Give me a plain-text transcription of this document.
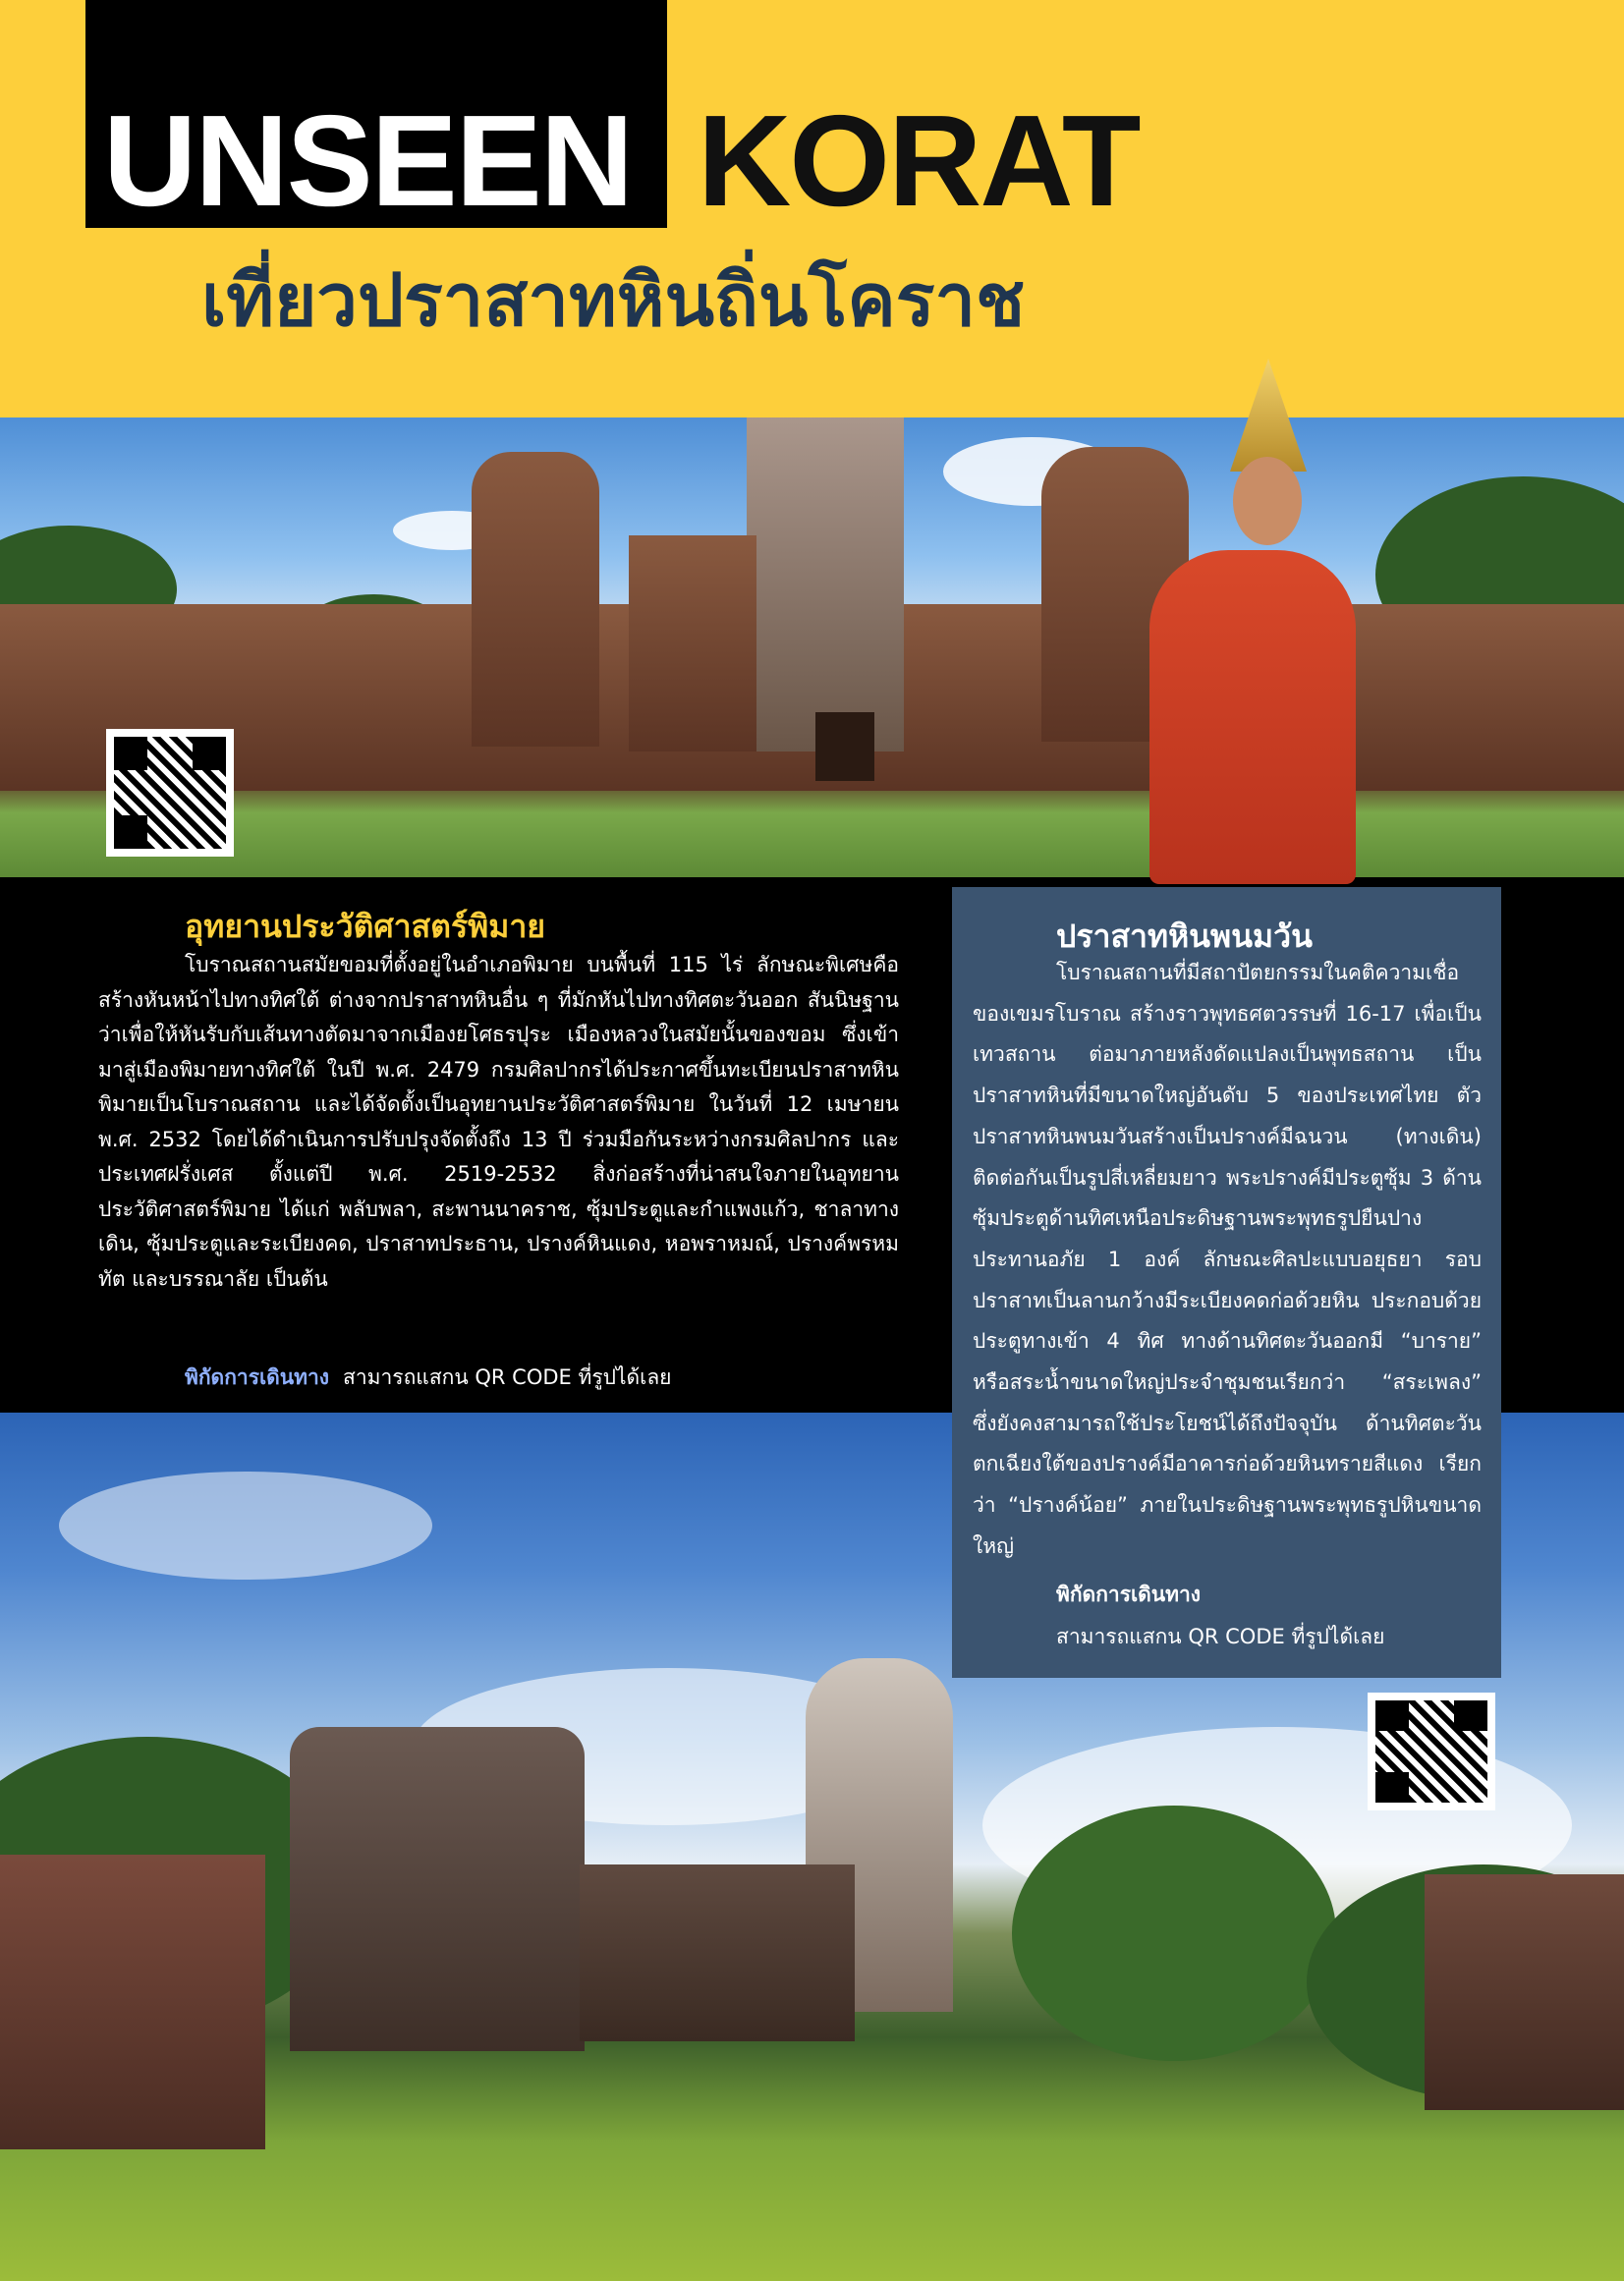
UNSEEN KORAT
เที่ยวปราสาทหินถิ่นโคราช
อุทยานประวัติศาสตร์พิมาย

โบราณสถานสมัยขอมที่ตั้งอยู่ในอำเภอพิมาย บนพื้นที่ 115 ไร่ ลักษณะพิเศษคือสร้างหันหน้าไปทางทิศใต้ ต่างจากปราสาทหินอื่น ๆ ที่มักหันไปทางทิศตะวันออก สันนิษฐานว่าเพื่อให้หันรับกับเส้นทางตัดมาจากเมืองยโศธรปุระ เมืองหลวงในสมัยนั้นของขอม ซึ่งเข้ามาสู่เมืองพิมายทางทิศใต้ ในปี พ.ศ. 2479 กรมศิลปากรได้ประกาศขึ้นทะเบียนปราสาทหินพิมายเป็นโบราณสถาน และได้จัดตั้งเป็นอุทยานประวัติศาสตร์พิมาย ในวันที่ 12 เมษายน พ.ศ. 2532 โดยได้ดำเนินการปรับปรุงจัดตั้งถึง 13 ปี ร่วมมือกันระหว่างกรมศิลปากร และประเทศฝรั่งเศส ตั้งแต่ปี พ.ศ. 2519-2532 สิ่งก่อสร้างที่น่าสนใจภายในอุทยานประวัติศาสตร์พิมาย ได้แก่ พลับพลา, สะพานนาคราช, ซุ้มประตูและกำแพงแก้ว, ชาลาทางเดิน, ซุ้มประตูและระเบียงคด, ปราสาทประธาน, ปรางค์หินแดง, หอพราหมณ์, ปรางค์พรหมทัต และบรรณาลัย เป็นต้น

พิกัดการเดินทาง สามารถแสกน QR CODE ที่รูปได้เลย
ปราสาทหินพนมวัน

โบราณสถานที่มีสถาปัตยกรรมในคติความเชื่อของเขมรโบราณ สร้างราวพุทธศตวรรษที่ 16-17 เพื่อเป็นเทวสถาน ต่อมาภายหลังดัดแปลงเป็นพุทธสถาน เป็นปราสาทหินที่มีขนาดใหญ่อันดับ 5 ของประเทศไทย ตัวปราสาทหินพนมวันสร้างเป็นปรางค์มีฉนวน (ทางเดิน) ติดต่อกันเป็นรูปสี่เหลี่ยมยาว พระปรางค์มีประตูซุ้ม 3 ด้าน ซุ้มประตูด้านทิศเหนือประดิษฐานพระพุทธรูปยืนปางประทานอภัย 1 องค์ ลักษณะศิลปะแบบอยุธยา รอบปราสาทเป็นลานกว้างมีระเบียงคดก่อด้วยหิน ประกอบด้วยประตูทางเข้า 4 ทิศ ทางด้านทิศตะวันออกมี “บาราย” หรือสระน้ำขนาดใหญ่ประจำชุมชนเรียกว่า “สระเพลง” ซึ่งยังคงสามารถใช้ประโยชน์ได้ถึงปัจจุบัน ด้านทิศตะวันตกเฉียงใต้ของปรางค์มีอาคารก่อด้วยหินทรายสีแดง เรียกว่า “ปรางค์น้อย” ภายในประดิษฐานพระพุทธรูปหินขนาดใหญ่

พิกัดการเดินทาง
สามารถแสกน QR CODE ที่รูปได้เลย
